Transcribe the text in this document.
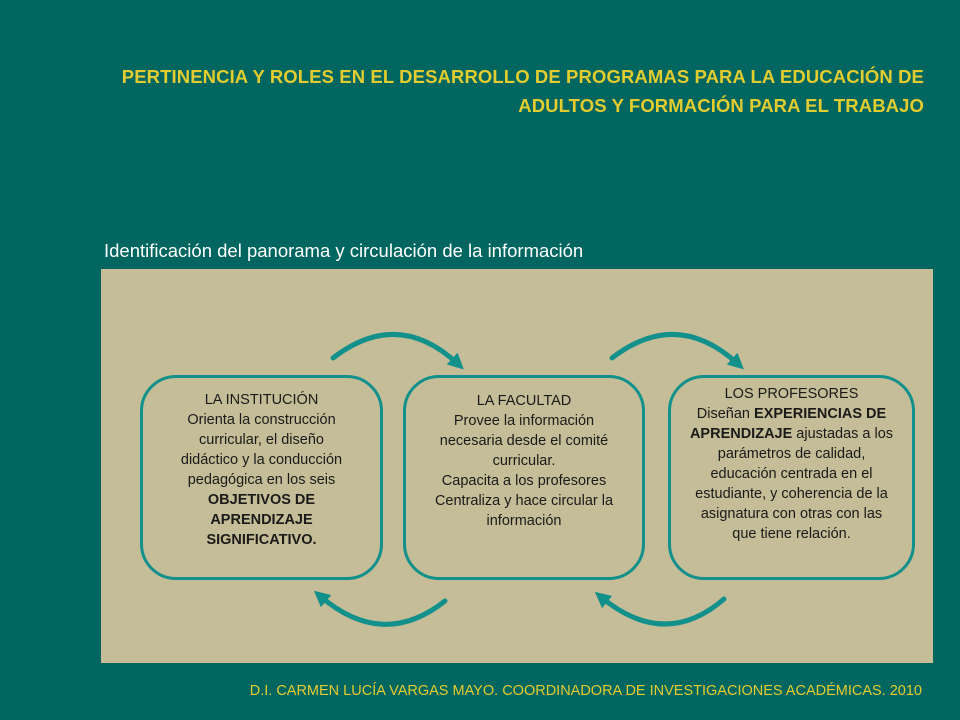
PERTINENCIA Y ROLES EN EL DESARROLLO DE PROGRAMAS PARA LA EDUCACIÓN DE
ADULTOS Y FORMACIÓN PARA EL TRABAJO
Identificación del panorama y circulación de la información
LA INSTITUCIÓN
Orienta la construcción
curricular, el diseño
didáctico y la conducción
pedagógica en los seis
OBJETIVOS DE
APRENDIZAJE
SIGNIFICATIVO.
LA FACULTAD
Provee la información
necesaria desde el comité
curricular.
Capacita a los profesores
Centraliza y hace circular la
información
LOS PROFESORES
Diseñan EXPERIENCIAS DE
APRENDIZAJE ajustadas a los
parámetros de calidad,
educación centrada en el
estudiante, y coherencia de la
asignatura con otras con las
que tiene relación.
D.I. CARMEN LUCÍA VARGAS MAYO. COORDINADORA DE INVESTIGACIONES ACADÉMICAS. 2010
